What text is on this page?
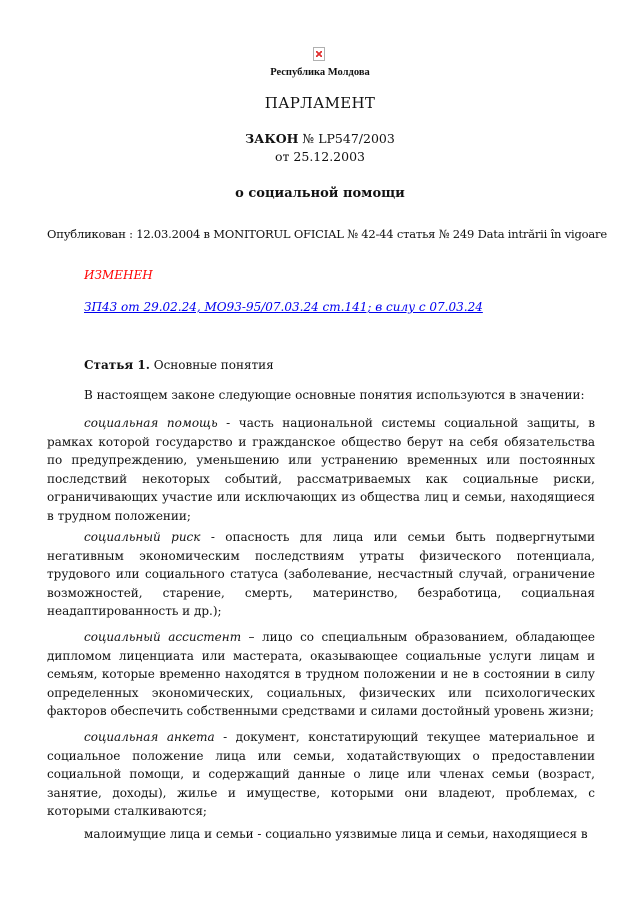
Республика Молдова
ПАРЛАМЕНТ
ЗАКОН № LP547/2003
от 25.12.2003
о социальной помощи
Опубликован : 12.03.2004 в MONITORUL OFICIAL № 42-44 статья № 249 Data intrării în vigoare
ИЗМЕНЕН
ЗП43 от 29.02.24, МО93-95/07.03.24 ст.141; в силу с 07.03.24
Статья 1. Основные понятия
В настоящем законе следующие основные понятия используются в значении:

социальная помощь - часть национальной системы социальной защиты, в рамках которой государство и гражданское общество берут на себя обязательства по предупреждению, уменьшению или устранению временных или постоянных последствий некоторых событий, рассматриваемых как социальные риски, ограничивающих участие или исключающих из общества лиц и семьи, находящиеся в трудном положении;

социальный риск - опасность для лица или семьи быть подвергнутыми негативным экономическим последствиям утраты физического потенциала, трудового или социального статуса (заболевание, несчастный случай, ограничение возможностей, старение, смерть, материнство, безработица, социальная неадаптированность и др.);

социальный ассистент – лицо со специальным образованием, обладающее дипломом лиценциата или мастерата, оказывающее социальные услуги лицам и семьям, которые временно находятся в трудном положении и не в состоянии в силу определенных экономических, социальных, физических или психологических факторов обеспечить собственными средствами и силами достойный уровень жизни;

социальная анкета - документ, констатирующий текущее материальное и социальное положение лица или семьи, ходатайствующих о предоставлении социальной помощи, и содержащий данные о лице или членах семьи (возраст, занятие, доходы), жилье и имуществе, которыми они владеют, проблемах, с которыми сталкиваются;

малоимущие лица и семьи - социально уязвимые лица и семьи, находящиеся в
